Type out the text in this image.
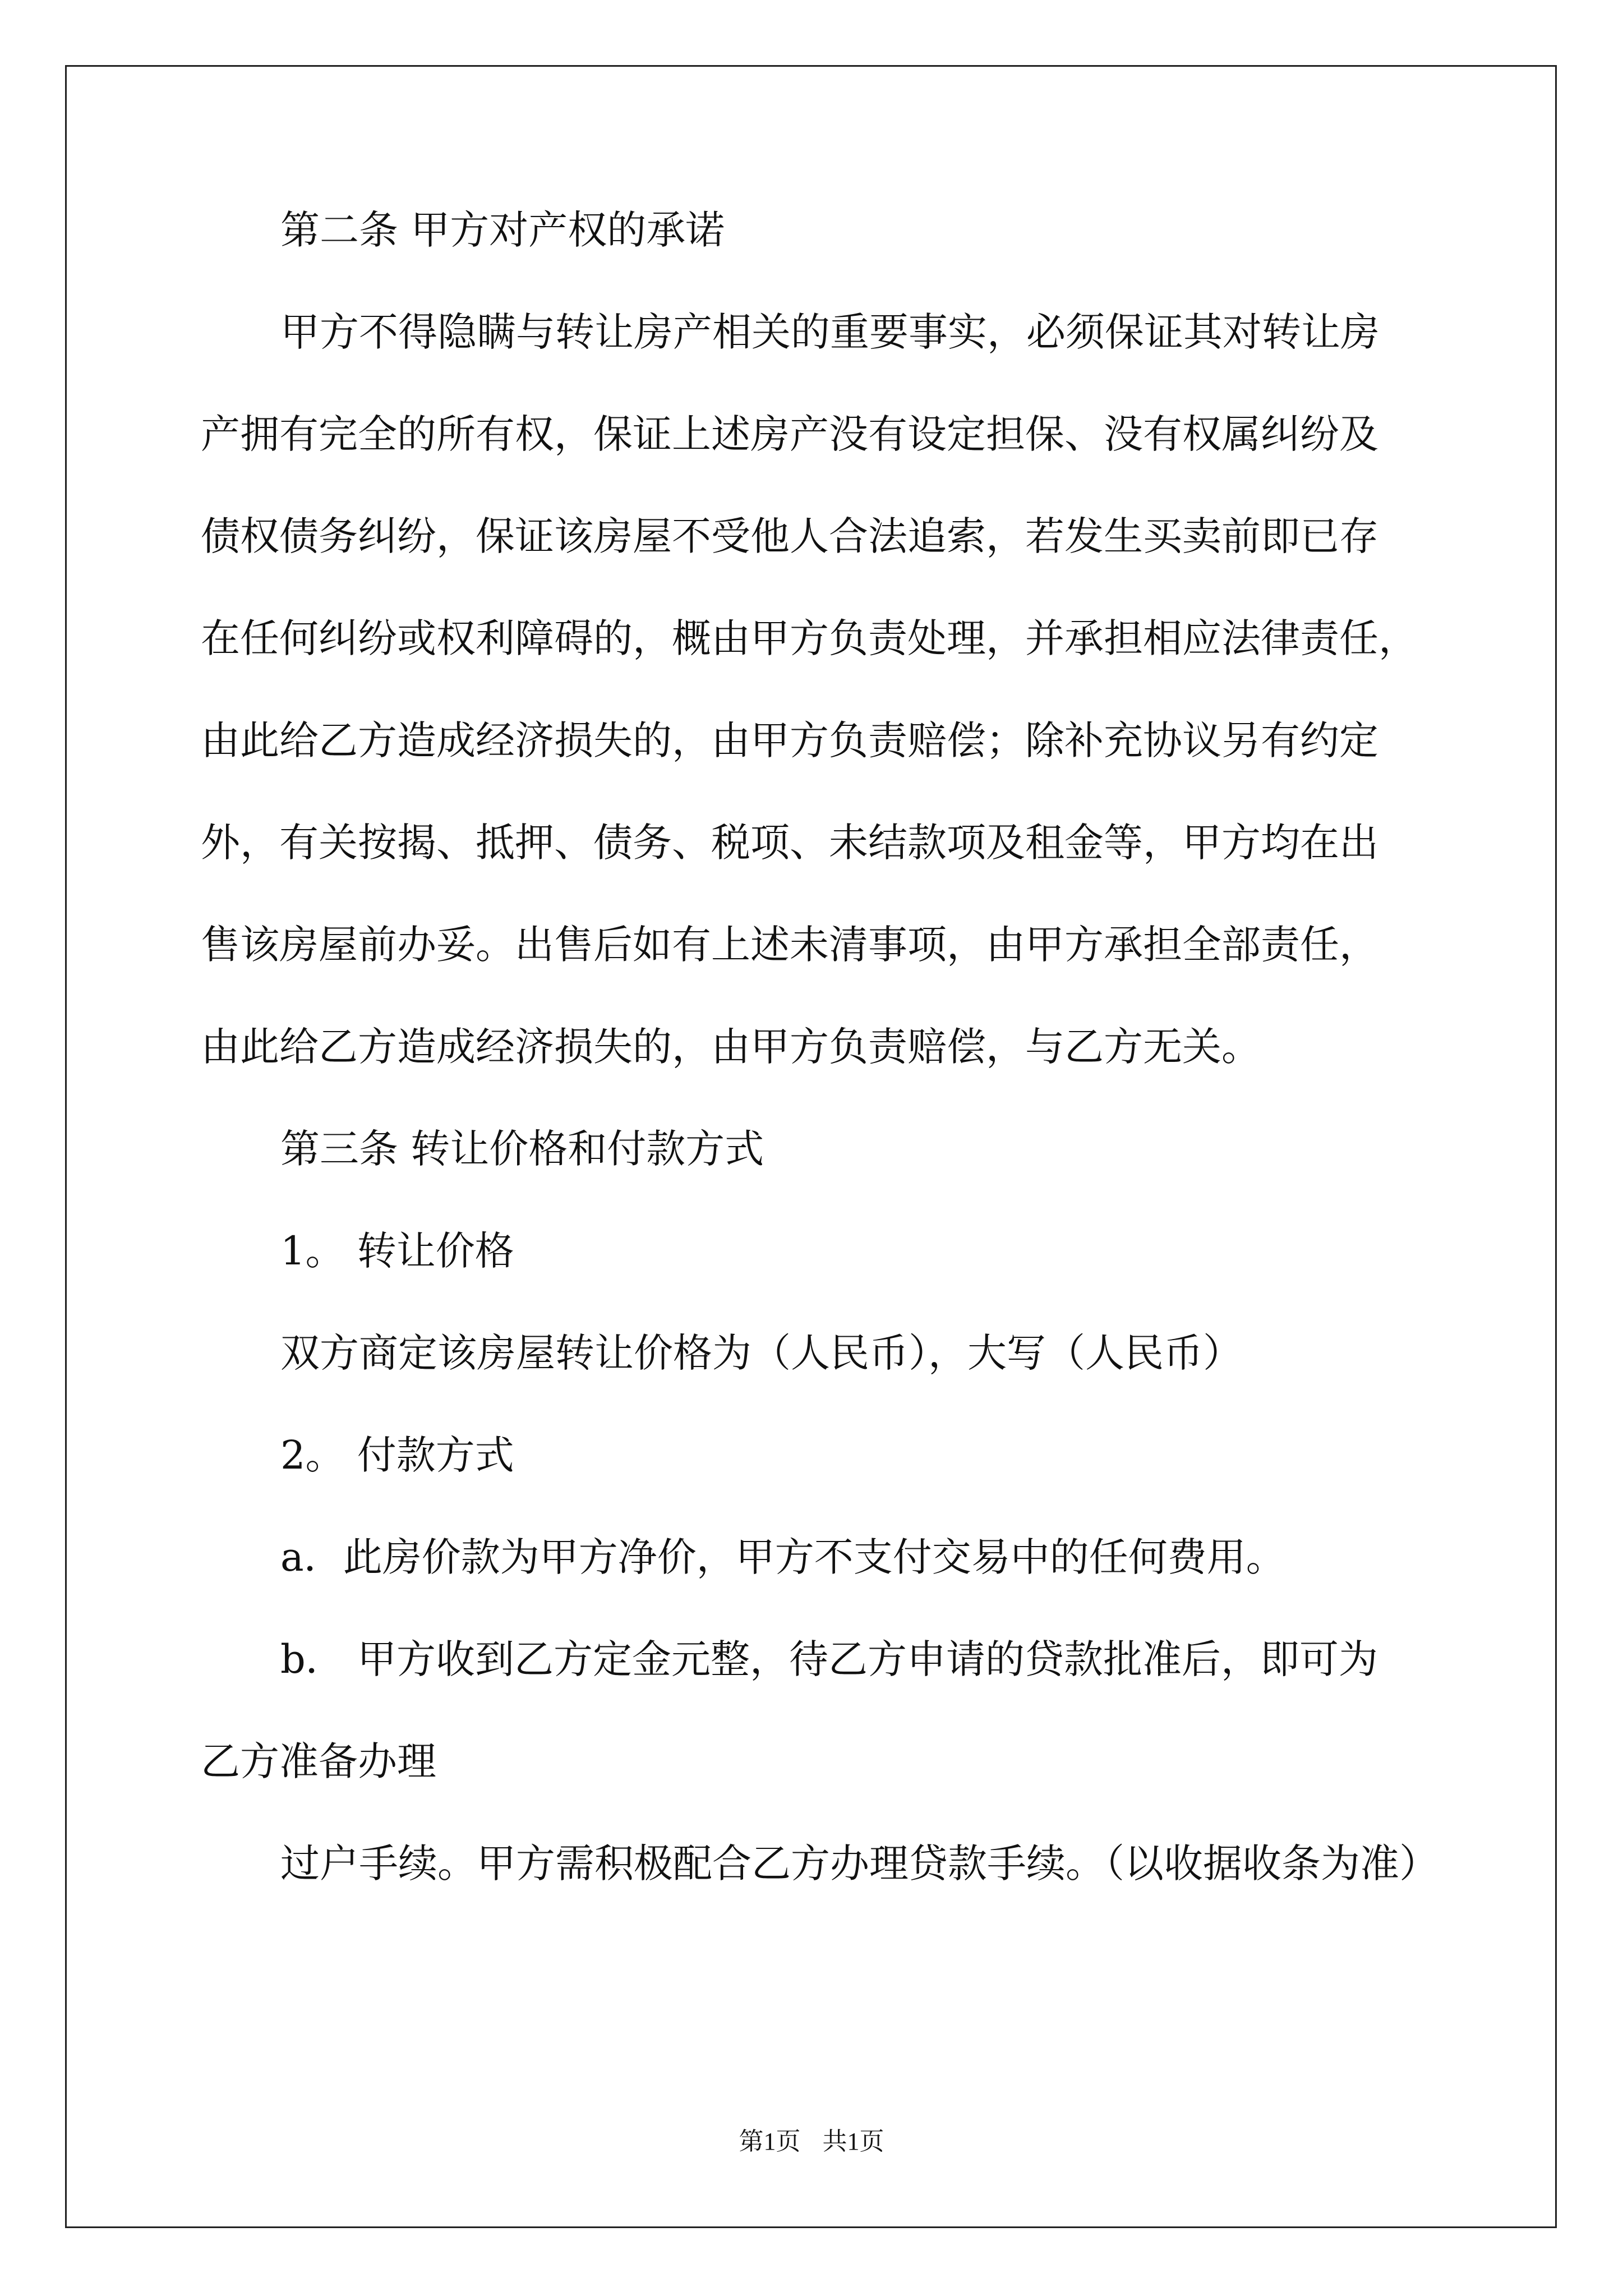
第二条 甲方对产权的承诺
甲方不得隐瞒与转让房产相关的重要事实，必须保证其对转让房
产拥有完全的所有权，保证上述房产没有设定担保、没有权属纠纷及
债权债务纠纷，保证该房屋不受他人合法追索，若发生买卖前即已存
在任何纠纷或权利障碍的，概由甲方负责处理，并承担相应法律责任，
由此给乙方造成经济损失的，由甲方负责赔偿；除补充协议另有约定
外，有关按揭、抵押、债务、税项、未结款项及租金等，甲方均在出
售该房屋前办妥。出售后如有上述未清事项，由甲方承担全部责任，
由此给乙方造成经济损失的，由甲方负责赔偿，与乙方无关。
第三条 转让价格和付款方式
1。 转让价格
双方商定该房屋转让价格为（人民币），大写（人民币）
2。 付款方式
a．此房价款为甲方净价，甲方不支付交易中的任何费用。
b． 甲方收到乙方定金元整，待乙方申请的贷款批准后，即可为
乙方准备办理
过户手续。甲方需积极配合乙方办理贷款手续。（以收据收条为准）
第1页 共1页
